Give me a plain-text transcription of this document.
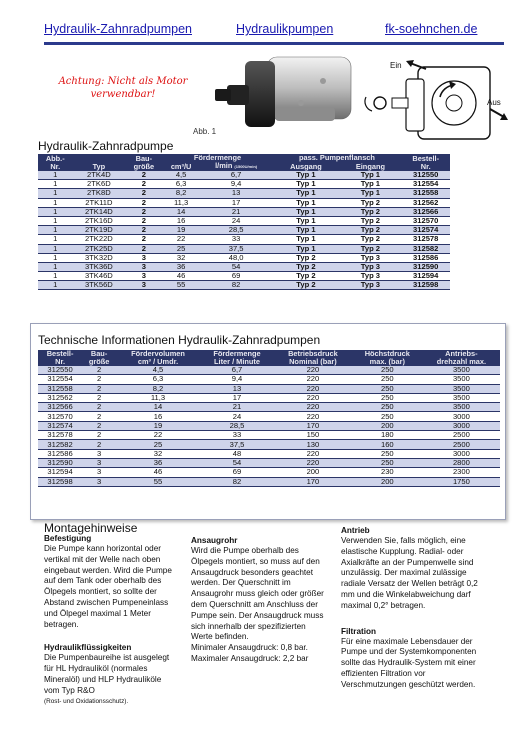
Hydraulik-Zahnradpumpen	Hydraulikpumpen	fk-soehnchen.de
Achtung: Nicht als Motor verwendbar!
Abb. 1
Ein
Aus
Hydraulik-Zahnradpumpe
Abb.-
Nr.	Typ	Bau-
größe	Fördermenge		pass. Pumpenflansch		Bestell-
Nr.
			cm³/U	l/min (1500U/min)	Ausgang	Eingang	
1	2TK4D	2	4,5	6,7	Typ 1	Typ 1	312550
1	2TK6D	2	6,3	9,4	Typ 1	Typ 1	312554
1	2TK8D	2	8,2	13	Typ 1	Typ 1	312558
1	2TK11D	2	11,3	17	Typ 1	Typ 2	312562
1	2TK14D	2	14	21	Typ 1	Typ 2	312566
1	2TK16D	2	16	24	Typ 1	Typ 2	312570
1	2TK19D	2	19	28,5	Typ 1	Typ 2	312574
1	2TK22D	2	22	33	Typ 1	Typ 2	312578
1	2TK25D	2	25	37,5	Typ 1	Typ 2	312582
1	3TK32D	3	32	48,0	Typ 2	Typ 3	312586
1	3TK36D	3	36	54	Typ 2	Typ 3	312590
1	3TK46D	3	46	69	Typ 2	Typ 3	312594
1	3TK56D	3	55	82	Typ 2	Typ 3	312598
Technische Informationen Hydraulik-Zahnradpumpen
Bestell-
Nr.	Bau-
größe	Fördervolumen
cm³ / Umdr.	Fördermenge
Liter / Minute	Betriebsdruck
Nominal (bar)	Höchstdruck
max. (bar)	Antriebs-
drehzahl max.
312550	2	4,5	6,7	220	250	3500
312554	2	6,3	9,4	220	250	3500
312558	2	8,2	13	220	250	3500
312562	2	11,3	17	220	250	3500
312566	2	14	21	220	250	3500
312570	2	16	24	220	250	3000
312574	2	19	28,5	170	200	3000
312578	2	22	33	150	180	2500
312582	2	25	37,5	130	160	2500
312586	3	32	48	220	250	3000
312590	3	36	54	220	250	2800
312594	3	46	69	200	230	2300
312598	3	55	82	170	200	1750
Montagehinweise
Befestigung

Die Pumpe kann horizontal oder vertikal mit der Welle nach oben eingebaut werden. Wird die Pumpe auf dem Tank oder oberhalb des Ölpegels montiert, so sollte der Abstand zwischen Pumpeneinlass und Ölpegel maximal 1 Meter betragen.

Hydraulikflüssigkeiten

Die Pumpenbaureihe ist ausgelegt für HL Hydrauliköl (normales Mineralöl) und HLP Hydrauliköle vom Typ R&O

(Rost- und Oxidationsschutz).

Ansaugrohr

Wird die Pumpe oberhalb des Ölpegels montiert, so muss auf den Ansaugdruck besonders geachtet werden. Der Querschnitt im Ansaugrohr muss gleich oder größer dem Querschnitt am Anschluss der Pumpe sein. Der Ansaugdruck muss sich innerhalb der spezifizierten Werte befinden.

Minimaler Ansaugdruck: 0,8 bar.

Maximaler Ansaugdruck: 2,2 bar

Antrieb

Verwenden Sie, falls möglich, eine elastische Kupplung. Radial- oder Axialkräfte an der Pumpenwelle sind unzulässig. Der maximal zulässige radiale Versatz der Wellen beträgt 0,2 mm und die Winkelabweichung darf maximal 0,2° betragen.

Filtration

Für eine maximale Lebensdauer der Pumpe und der Systemkomponenten sollte das Hydraulik-System mit einer effizienten Filtration vor Verschmutzungen geschützt werden.
